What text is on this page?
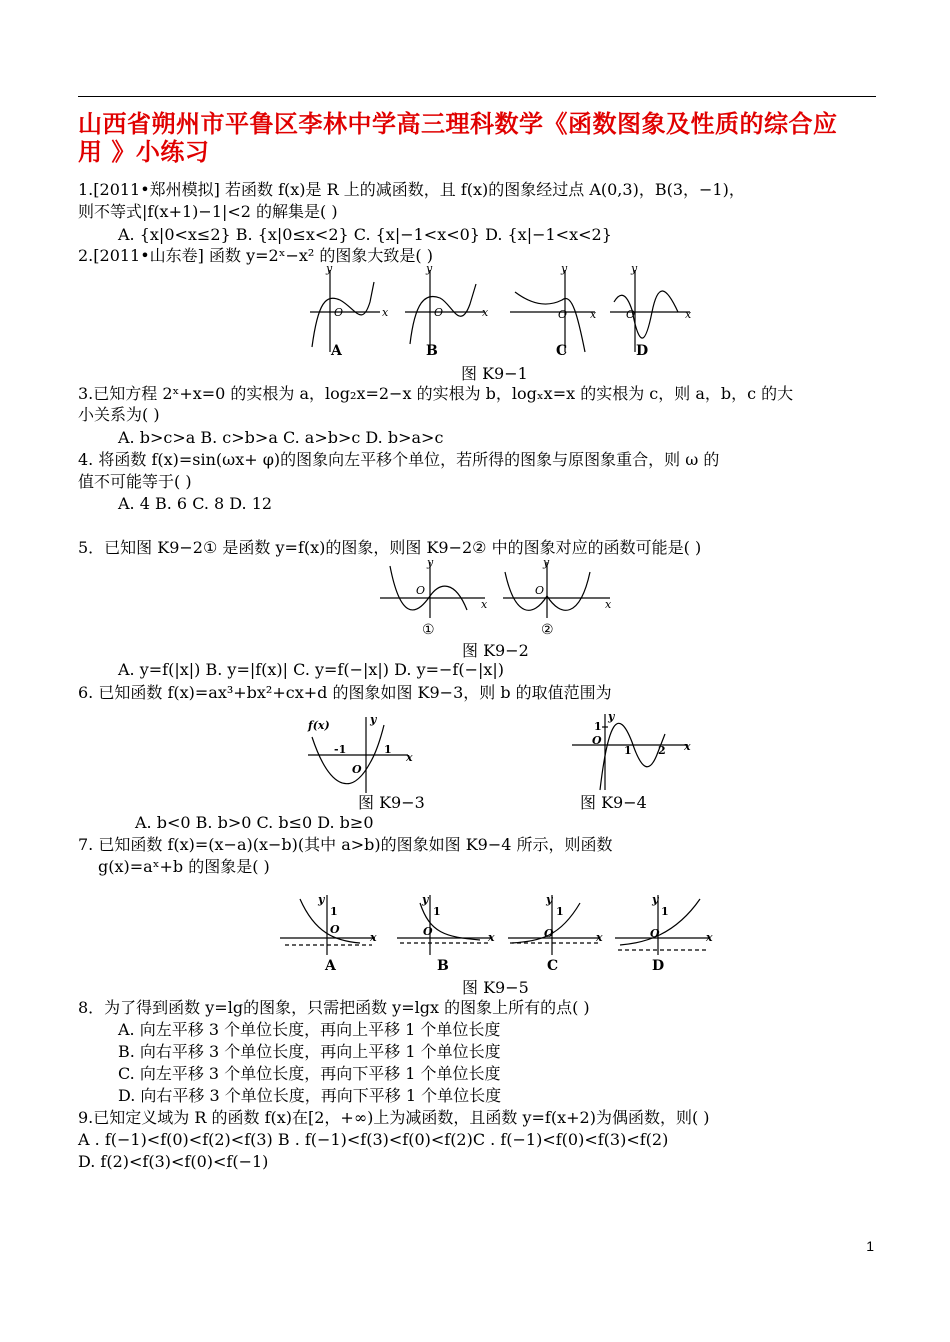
山西省朔州市平鲁区李林中学高三理科数学《函数图象及性质的综合应
用 》小练习
1.[2011•郑州模拟] 若函数 f(x)是 R 上的减函数，且 f(x)的图象经过点 A(0,3)，B(3，−1)，
则不等式|f(x+1)−1|<2 的解集是( )
A. {x|0<x≤2} B. {x|0≤x<2} C. {x|−1<x<0} D. {x|−1<x<2}
2.[2011•山东卷] 函数 y=2ˣ−x² 的图象大致是( )
O	x
y
O	x
y
O x
y
O	x
y
A	B	C	D
图 K9−1
3.已知方程 2ˣ+x=0 的实根为 a，log₂x=2−x 的实根为 b，logₓx=x 的实根为 c，则 a，b，c 的大
小关系为( )
A. b>c>a B. c>b>a C. a>b>c D. b>a>c
4. 将函数 f(x)=sin(ωx+ φ)的图象向左平移个单位，若所得的图象与原图象重合，则 ω 的
值不可能等于( )
A. 4 B. 6 C. 8 D. 12
5．已知图 K9−2① 是函数 y=f(x)的图象，则图 K9−2② 中的图象对应的函数可能是( )
O
x
y
O
x
y
①	②
图 K9−2
A. y=f(|x|) B. y=|f(x)| C. y=f(−|x|) D. y=−f(−|x|)
6. 已知函数 f(x)=ax³+bx²+cx+d 的图象如图 K9−3，则 b 的取值范围为
f(x)
-1	1
y
x
O
1
O
1 2
y
x
图 K9−3	图 K9−4
A. b<0 B. b>0 C. b≤0 D. b≥0
7. 已知函数 f(x)=(x−a)(x−b)(其中 a>b)的图象如图 K9−4 所示，则函数
g(x)=aˣ+b 的图象是( )
y
1
O
x
y
1
O	x
y
1
O	x
y
1
O	x
A	B	C	D
图 K9−5
8．为了得到函数 y=lg的图象，只需把函数 y=lgx 的图象上所有的点( )
A. 向左平移 3 个单位长度，再向上平移 1 个单位长度
B. 向右平移 3 个单位长度，再向上平移 1 个单位长度
C. 向左平移 3 个单位长度，再向下平移 1 个单位长度
D. 向右平移 3 个单位长度，再向下平移 1 个单位长度
9.已知定义域为 R 的函数 f(x)在[2，+∞)上为减函数，且函数 y=f(x+2)为偶函数，则( )
A . f(−1)<f(0)<f(2)<f(3) B . f(−1)<f(3)<f(0)<f(2)C . f(−1)<f(0)<f(3)<f(2)
D. f(2)<f(3)<f(0)<f(−1)
1
